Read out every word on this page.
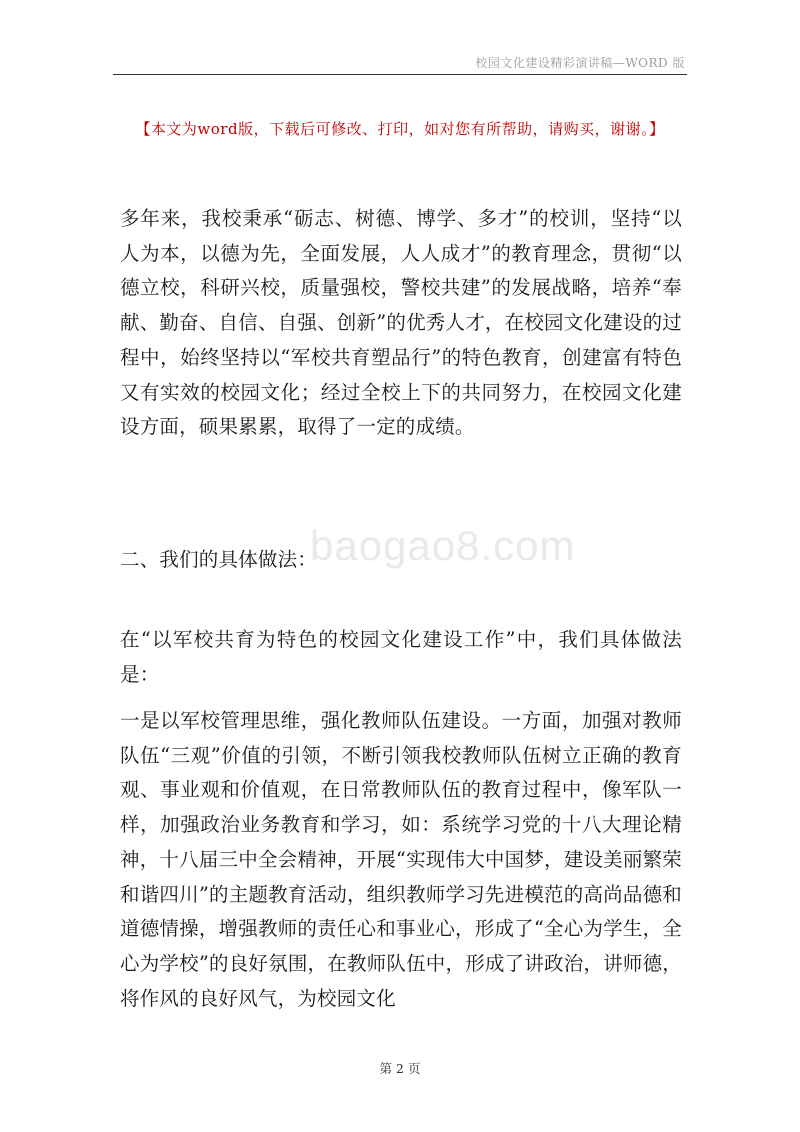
校园文化建设精彩演讲稿—WORD 版
【本文为word版，下载后可修改、打印，如对您有所帮助，请购买，谢谢。】
baogao8.com
多年来，我校秉承“砺志、树德、博学、多才”的校训，坚持“以人为本，以德为先，全面发展，人人成才”的教育理念，贯彻“以德立校，科研兴校，质量强校，警校共建”的发展战略，培养“奉献、勤奋、自信、自强、创新”的优秀人才，在校园文化建设的过程中，始终坚持以“军校共育塑品行”的特色教育，创建富有特色又有实效的校园文化；经过全校上下的共同努力，在校园文化建设方面，硕果累累，取得了一定的成绩。
二、我们的具体做法：
在“以军校共育为特色的校园文化建设工作”中，我们具体做法是：
一是以军校管理思维，强化教师队伍建设。一方面，加强对教师队伍“三观”价值的引领，不断引领我校教师队伍树立正确的教育观、事业观和价值观，在日常教师队伍的教育过程中，像军队一样，加强政治业务教育和学习，如：系统学习党的十八大理论精神，十八届三中全会精神，开展“实现伟大中国梦，建设美丽繁荣和谐四川”的主题教育活动，组织教师学习先进模范的高尚品德和道德情操，增强教师的责任心和事业心，形成了“全心为学生，全心为学校”的良好氛围，在教师队伍中，形成了讲政治，讲师德，将作风的良好风气，为校园文化
第 2 页
